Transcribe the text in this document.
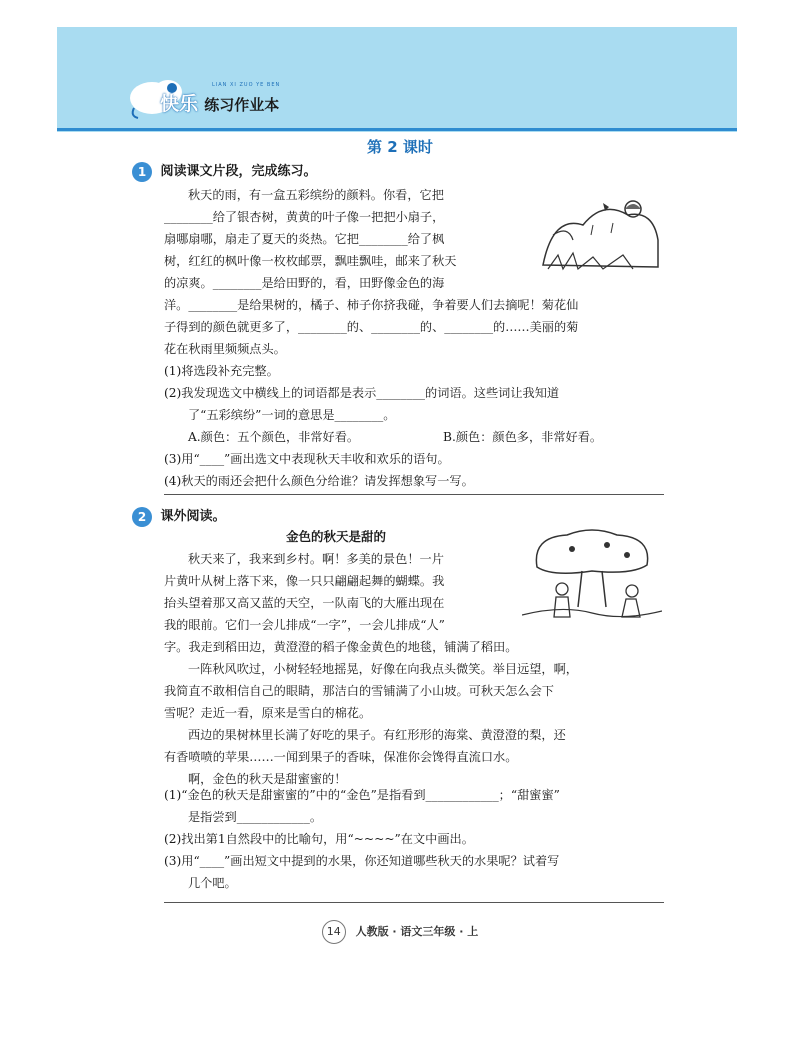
快乐 练习作业本
LIAN XI ZUO YE BEN
第 2 课时
1 阅读课文片段，完成练习。
秋天的雨，有一盒五彩缤纷的颜料。你看，它把
________给了银杏树，黄黄的叶子像一把把小扇子，
扇哪扇哪，扇走了夏天的炎热。它把________给了枫
树，红红的枫叶像一枚枚邮票，飘哇飘哇，邮来了秋天
的凉爽。________是给田野的，看，田野像金色的海
洋。________是给果树的，橘子、柿子你挤我碰，争着要人们去摘呢！菊花仙
子得到的颜色就更多了，________的、________的、________的……美丽的菊
花在秋雨里频频点头。
(1)将选段补充完整。
(2)我发现选文中横线上的词语都是表示________的词语。这些词让我知道
了“五彩缤纷”一词的意思是________。
A.颜色：五个颜色，非常好看。	B.颜色：颜色多，非常好看。
(3)用“____”画出选文中表现秋天丰收和欢乐的语句。
(4)秋天的雨还会把什么颜色分给谁？请发挥想象写一写。
2 课外阅读。
金色的秋天是甜的
秋天来了，我来到乡村。啊！多美的景色！一片
片黄叶从树上落下来，像一只只翩翩起舞的蝴蝶。我
抬头望着那又高又蓝的天空，一队南飞的大雁出现在
我的眼前。它们一会儿排成“一字”，一会儿排成“人”
字。我走到稻田边，黄澄澄的稻子像金黄色的地毯，铺满了稻田。
一阵秋风吹过，小树轻轻地摇晃，好像在向我点头微笑。举目远望，啊，
我简直不敢相信自己的眼睛，那洁白的雪铺满了小山坡。可秋天怎么会下
雪呢？走近一看，原来是雪白的棉花。
西边的果树林里长满了好吃的果子。有红形形的海棠、黄澄澄的梨，还
有香喷喷的苹果……一闻到果子的香味，保准你会馋得直流口水。
啊，金色的秋天是甜蜜蜜的！
(1)“金色的秋天是甜蜜蜜的”中的“金色”是指看到____________；“甜蜜蜜”
是指尝到____________。
(2)找出第1自然段中的比喻句，用“~~~~”在文中画出。
(3)用“____”画出短文中提到的水果，你还知道哪些秋天的水果呢？试着写
几个吧。
14 人教版 · 语文三年级 · 上
